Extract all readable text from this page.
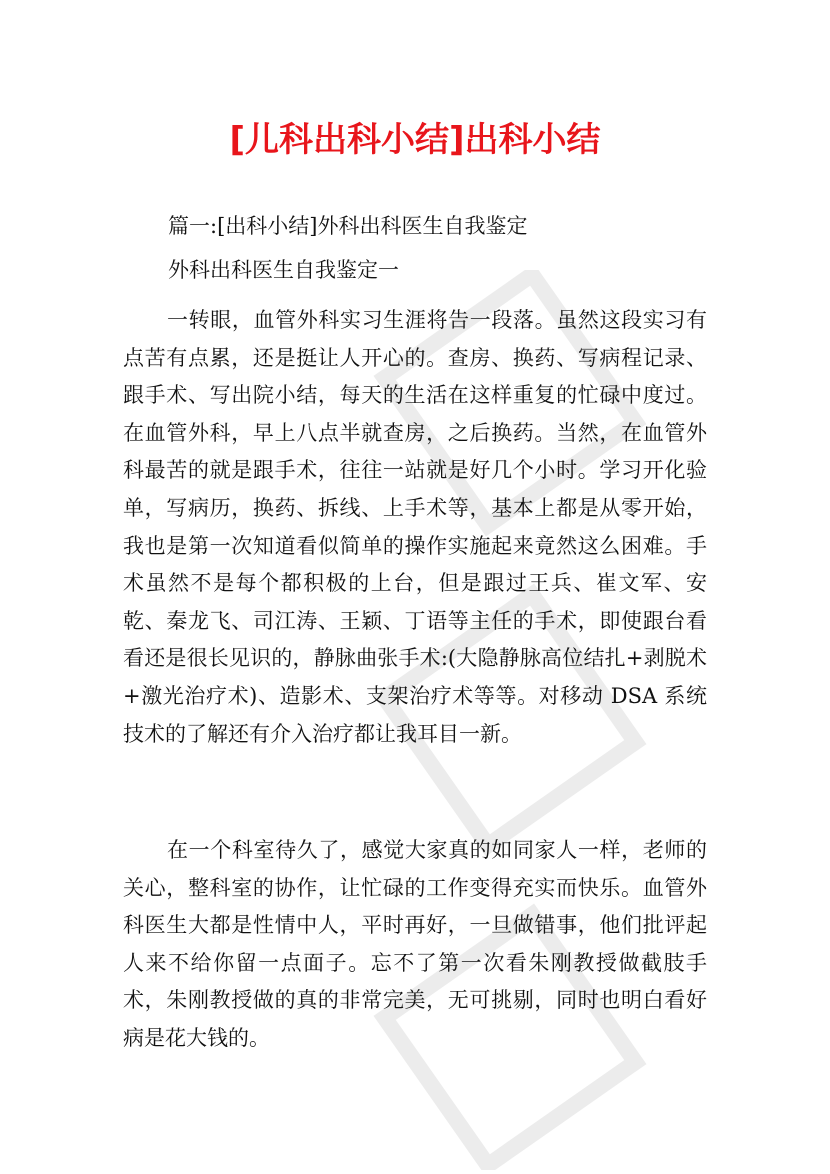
[儿科出科小结]出科小结

篇一:[出科小结]外科出科医生自我鉴定

外科出科医生自我鉴定一

一转眼，血管外科实习生涯将告一段落。虽然这段实习有点苦有点累，还是挺让人开心的。查房、换药、写病程记录、跟手术、写出院小结，每天的生活在这样重复的忙碌中度过。在血管外科，早上八点半就查房，之后换药。当然，在血管外科最苦的就是跟手术，往往一站就是好几个小时。学习开化验单，写病历，换药、拆线、上手术等，基本上都是从零开始，我也是第一次知道看似简单的操作实施起来竟然这么困难。手术虽然不是每个都积极的上台，但是跟过王兵、崔文军、安乾、秦龙飞、司江涛、王颖、丁语等主任的手术，即使跟台看看还是很长见识的，静脉曲张手术:(大隐静脉高位结扎+剥脱术+激光治疗术)、造影术、支架治疗术等等。对移动 DSA 系统技术的了解还有介入治疗都让我耳目一新。

在一个科室待久了，感觉大家真的如同家人一样，老师的关心，整科室的协作，让忙碌的工作变得充实而快乐。血管外科医生大都是性情中人，平时再好，一旦做错事，他们批评起人来不给你留一点面子。忘不了第一次看朱刚教授做截肢手术，朱刚教授做的真的非常完美，无可挑剔，同时也明白看好病是花大钱的。
